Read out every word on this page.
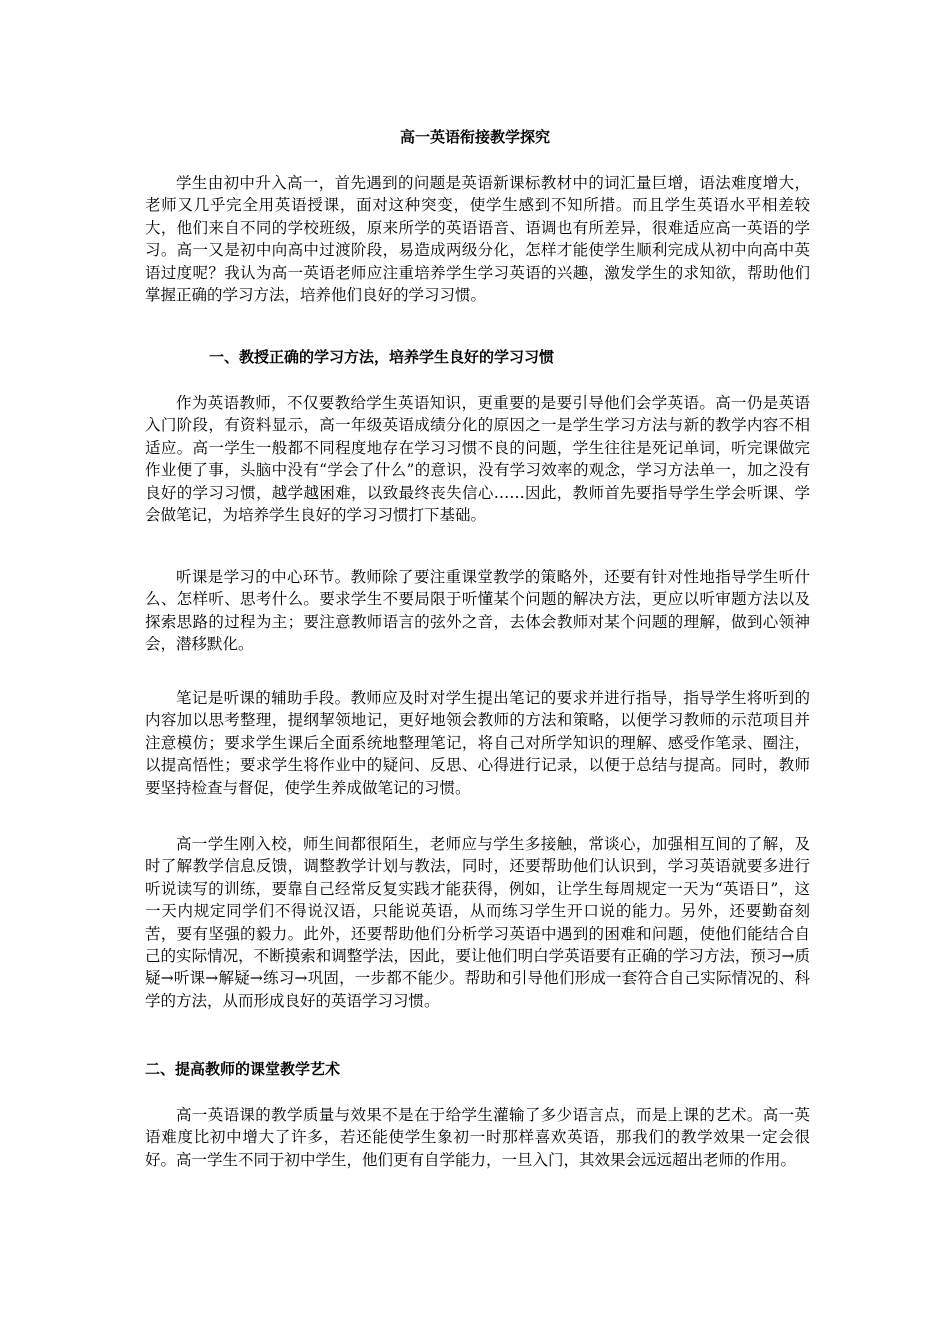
高一英语衔接教学探究

学生由初中升入高一，首先遇到的问题是英语新课标教材中的词汇量巨增，语法难度增大，老师又几乎完全用英语授课，面对这种突变，使学生感到不知所措。而且学生英语水平相差较大，他们来自不同的学校班级，原来所学的英语语音、语调也有所差异，很难适应高一英语的学习。高一又是初中向高中过渡阶段，易造成两级分化，怎样才能使学生顺利完成从初中向高中英语过度呢？我认为高一英语老师应注重培养学生学习英语的兴趣，激发学生的求知欲，帮助他们掌握正确的学习方法，培养他们良好的学习习惯。

一、教授正确的学习方法，培养学生良好的学习习惯

作为英语教师，不仅要教给学生英语知识，更重要的是要引导他们会学英语。高一仍是英语入门阶段，有资料显示，高一年级英语成绩分化的原因之一是学生学习方法与新的教学内容不相适应。高一学生一般都不同程度地存在学习习惯不良的问题，学生往往是死记单词，听完课做完作业便了事，头脑中没有“学会了什么”的意识，没有学习效率的观念，学习方法单一，加之没有良好的学习习惯，越学越困难，以致最终丧失信心……因此，教师首先要指导学生学会听课、学会做笔记，为培养学生良好的学习习惯打下基础。

听课是学习的中心环节。教师除了要注重课堂教学的策略外，还要有针对性地指导学生听什么、怎样听、思考什么。要求学生不要局限于听懂某个问题的解决方法，更应以听审题方法以及探索思路的过程为主；要注意教师语言的弦外之音，去体会教师对某个问题的理解，做到心领神会，潜移默化。

笔记是听课的辅助手段。教师应及时对学生提出笔记的要求并进行指导，指导学生将听到的内容加以思考整理，提纲挈领地记，更好地领会教师的方法和策略，以便学习教师的示范项目并注意模仿；要求学生课后全面系统地整理笔记，将自己对所学知识的理解、感受作笔录、圈注，以提高悟性；要求学生将作业中的疑问、反思、心得进行记录，以便于总结与提高。同时，教师要坚持检查与督促，使学生养成做笔记的习惯。

高一学生刚入校，师生间都很陌生，老师应与学生多接触，常谈心，加强相互间的了解，及时了解教学信息反馈，调整教学计划与教法，同时，还要帮助他们认识到，学习英语就要多进行听说读写的训练，要靠自己经常反复实践才能获得，例如，让学生每周规定一天为“英语日”，这一天内规定同学们不得说汉语，只能说英语，从而练习学生开口说的能力。另外，还要勤奋刻苦，要有坚强的毅力。此外，还要帮助他们分析学习英语中遇到的困难和问题，使他们能结合自己的实际情况，不断摸索和调整学法，因此，要让他们明白学英语要有正确的学习方法，预习→质疑→听课→解疑→练习→巩固，一步都不能少。帮助和引导他们形成一套符合自己实际情况的、科学的方法，从而形成良好的英语学习习惯。

二、提高教师的课堂教学艺术

高一英语课的教学质量与效果不是在于给学生灌输了多少语言点，而是上课的艺术。高一英语难度比初中增大了许多，若还能使学生象初一时那样喜欢英语，那我们的教学效果一定会很好。高一学生不同于初中学生，他们更有自学能力，一旦入门，其效果会远远超出老师的作用。
